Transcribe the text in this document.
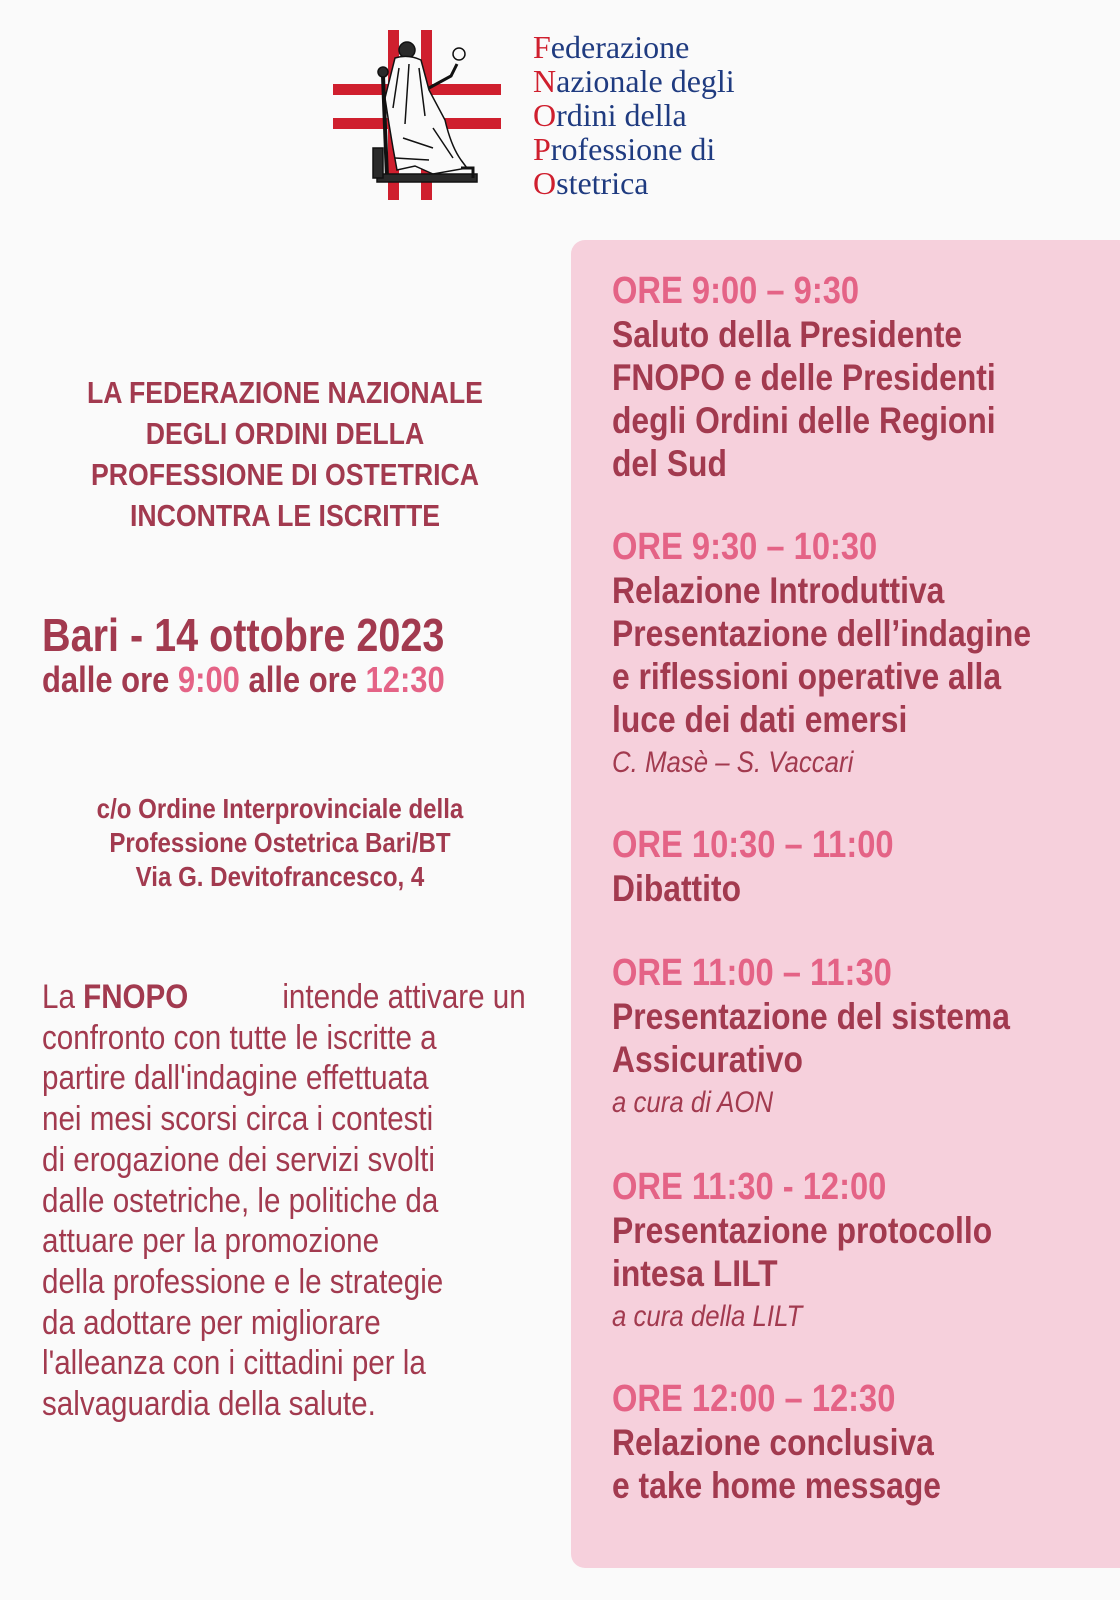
Federazione
Nazionale degli
Ordini della
Professione di
Ostetrica
LA FEDERAZIONE NAZIONALE
DEGLI ORDINI DELLA
PROFESSIONE DI OSTETRICA
INCONTRA LE ISCRITTE
Bari - 14 ottobre 2023
dalle ore 9:00 alle ore 12:30
c/o Ordine Interprovinciale della
Professione Ostetrica Bari/BT
Via G. Devitofrancesco, 4
La FNOPO	intende attivare un
confronto con tutte le iscritte a
partire dall'indagine effettuata
nei mesi scorsi circa i contesti
di erogazione dei servizi svolti
dalle ostetriche, le politiche da
attuare per la promozione
della professione e le strategie
da adottare per migliorare
l'alleanza con i cittadini per la
salvaguardia della salute.
ORE 9:00 – 9:30
Saluto della Presidente
FNOPO e delle Presidenti
degli Ordini delle Regioni
del Sud
ORE 9:30 – 10:30
Relazione Introduttiva
Presentazione dell’indagine
e riflessioni operative alla
luce dei dati emersi
C. Masè – S. Vaccari
ORE 10:30 – 11:00
Dibattito
ORE 11:00 – 11:30
Presentazione del sistema
Assicurativo
a cura di AON
ORE 11:30 - 12:00
Presentazione protocollo
intesa LILT
a cura della LILT
ORE 12:00 – 12:30
Relazione conclusiva
e take home message
